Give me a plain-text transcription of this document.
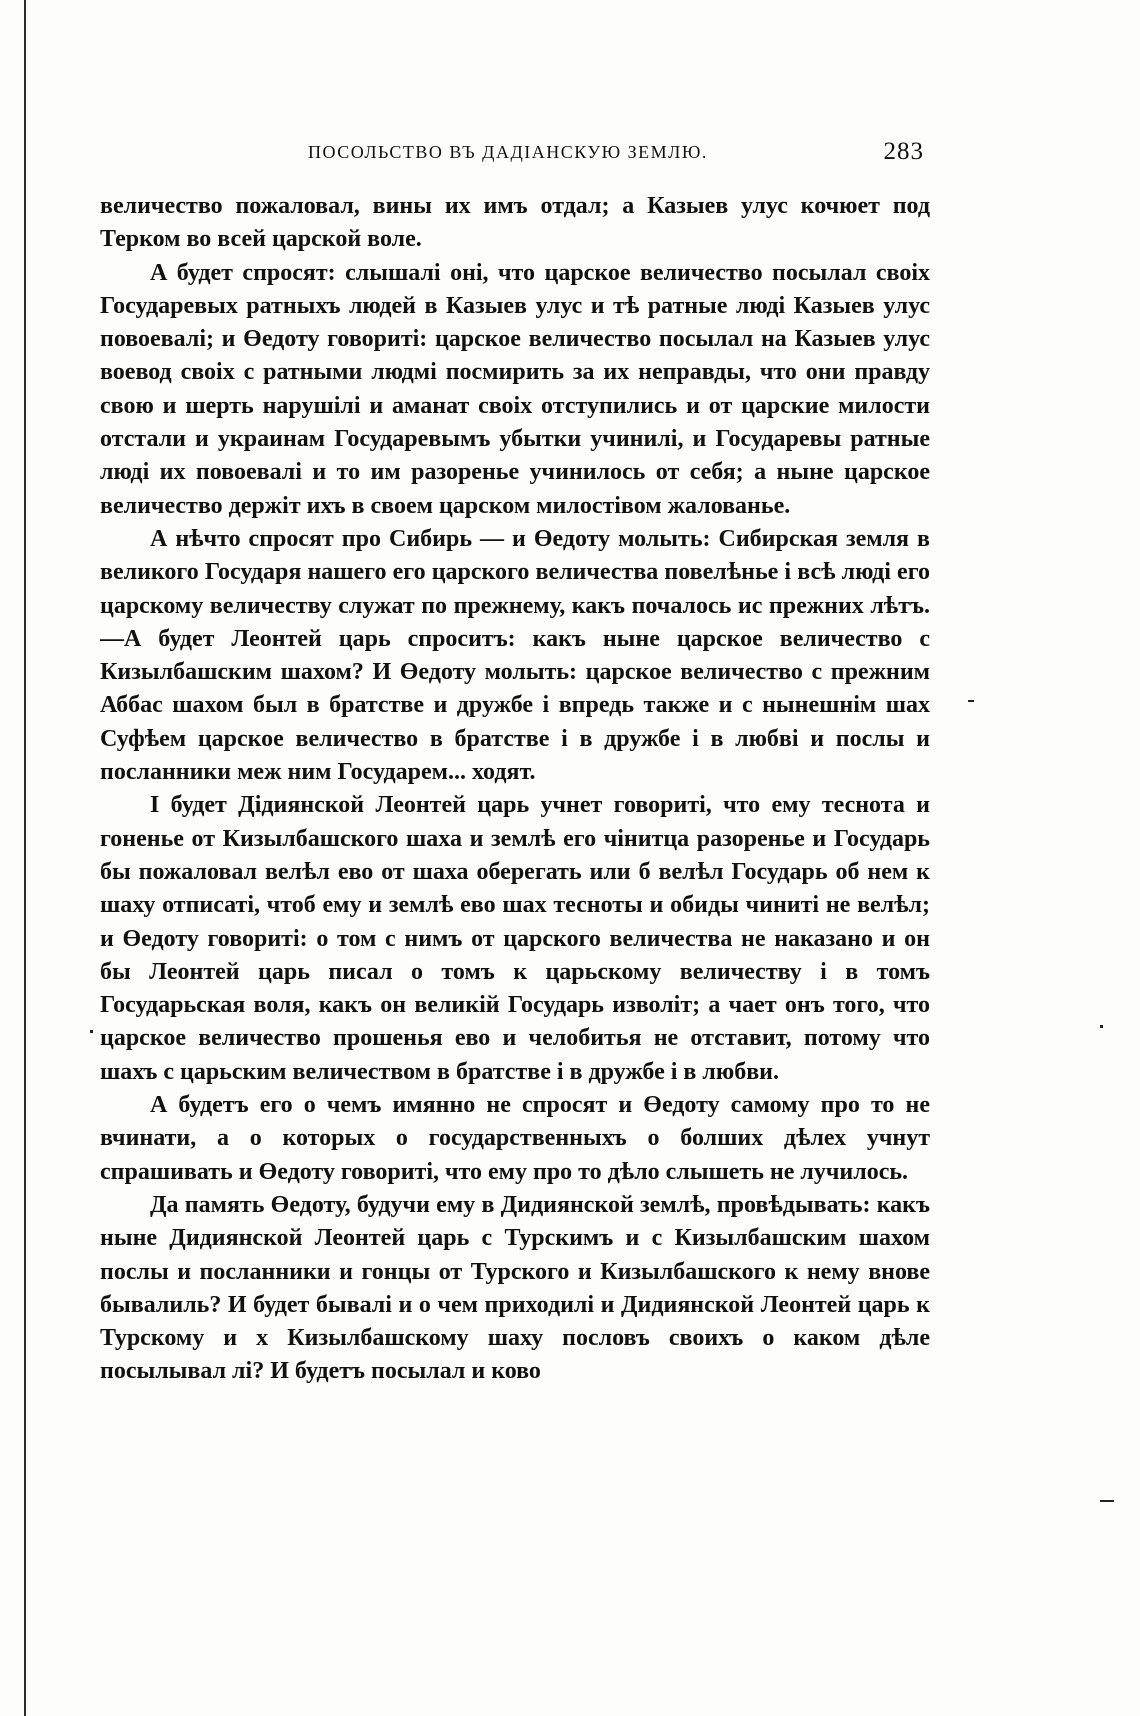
ПОСОЛЬСТВО ВЪ ДАДІАНСКУЮ ЗЕМЛЮ.	283

величество пожаловал, вины их имъ отдал; а Казыев улус кочюет под Терком во всей царской воле.

А будет спросят: слышалі оні, что царское величество посылал своіх Государевых ратныхъ людей в Казыев улус и тѣ ратные люді Казыев улус повоевалі; и Өедоту говориті: царское величество посылал на Казыев улус воевод своіх с ратными людмі посмирить за их неправды, что они правду свою и шерть нарушілі и аманат своіх отступились и от царские милости отстали и украинам Государевымъ убытки учинилі, и Государевы ратные люді их повоевалі и то им разоренье учинилось от себя; а ныне царское величество держіт ихъ в своем царском милостівом жалованье.

А нѣчто спросят про Сибирь — и Өедоту молыть: Сибирская земля в великого Государя нашего его царского величества повелѣнье і всѣ люді его царскому величеству служат по прежнему, какъ почалось ис прежних лѣтъ.—А будет Леонтей царь спроситъ: какъ ныне царское величество с Кизылбашским шахом? И Өедоту молыть: царское величество с прежним Аббас шахом был в братстве и дружбе і впредь также и с нынешнім шах Суфѣем царское величество в братстве і в дружбе і в любві и послы и посланники меж ним Государем... ходят.

І будет Дідиянской Леонтей царь учнет говориті, что ему теснота и гоненье от Кизылбашского шаха и землѣ его чінитца разоренье и Государь бы пожаловал велѣл ево от шаха оберегать или б велѣл Государь об нем к шаху отписаті, чтоб ему и землѣ ево шах тесноты и обиды чиниті не велѣл; и Өедоту говориті: о том с нимъ от царского величества не наказано и он бы Леонтей царь писал о томъ к царьскому величеству і в томъ Государьская воля, какъ он великій Государь изволіт; а чает онъ того, что царское величество прошенья ево и челобитья не отставит, потому что шахъ с царьским величеством в братстве і в дружбе і в любви.

А будетъ его о чемъ имянно не спросят и Өедоту самому про то не вчинати, а о которых о государственныхъ о болших дѣлех учнут спрашивать и Өедоту говориті, что ему про то дѣло слышеть не лучилось.

Да память Өедоту, будучи ему в Дидиянской землѣ, провѣдывать: какъ ныне Дидиянской Леонтей царь с Турскимъ и с Кизылбашским шахом послы и посланники и гонцы от Турского и Кизылбашского к нему внове бывалиль? И будет бывалі и о чем приходилі и Дидиянской Леонтей царь к Турскому и х Кизылбашскому шаху пословъ своихъ о каком дѣле посылывал лі? И будетъ посылал и ково
